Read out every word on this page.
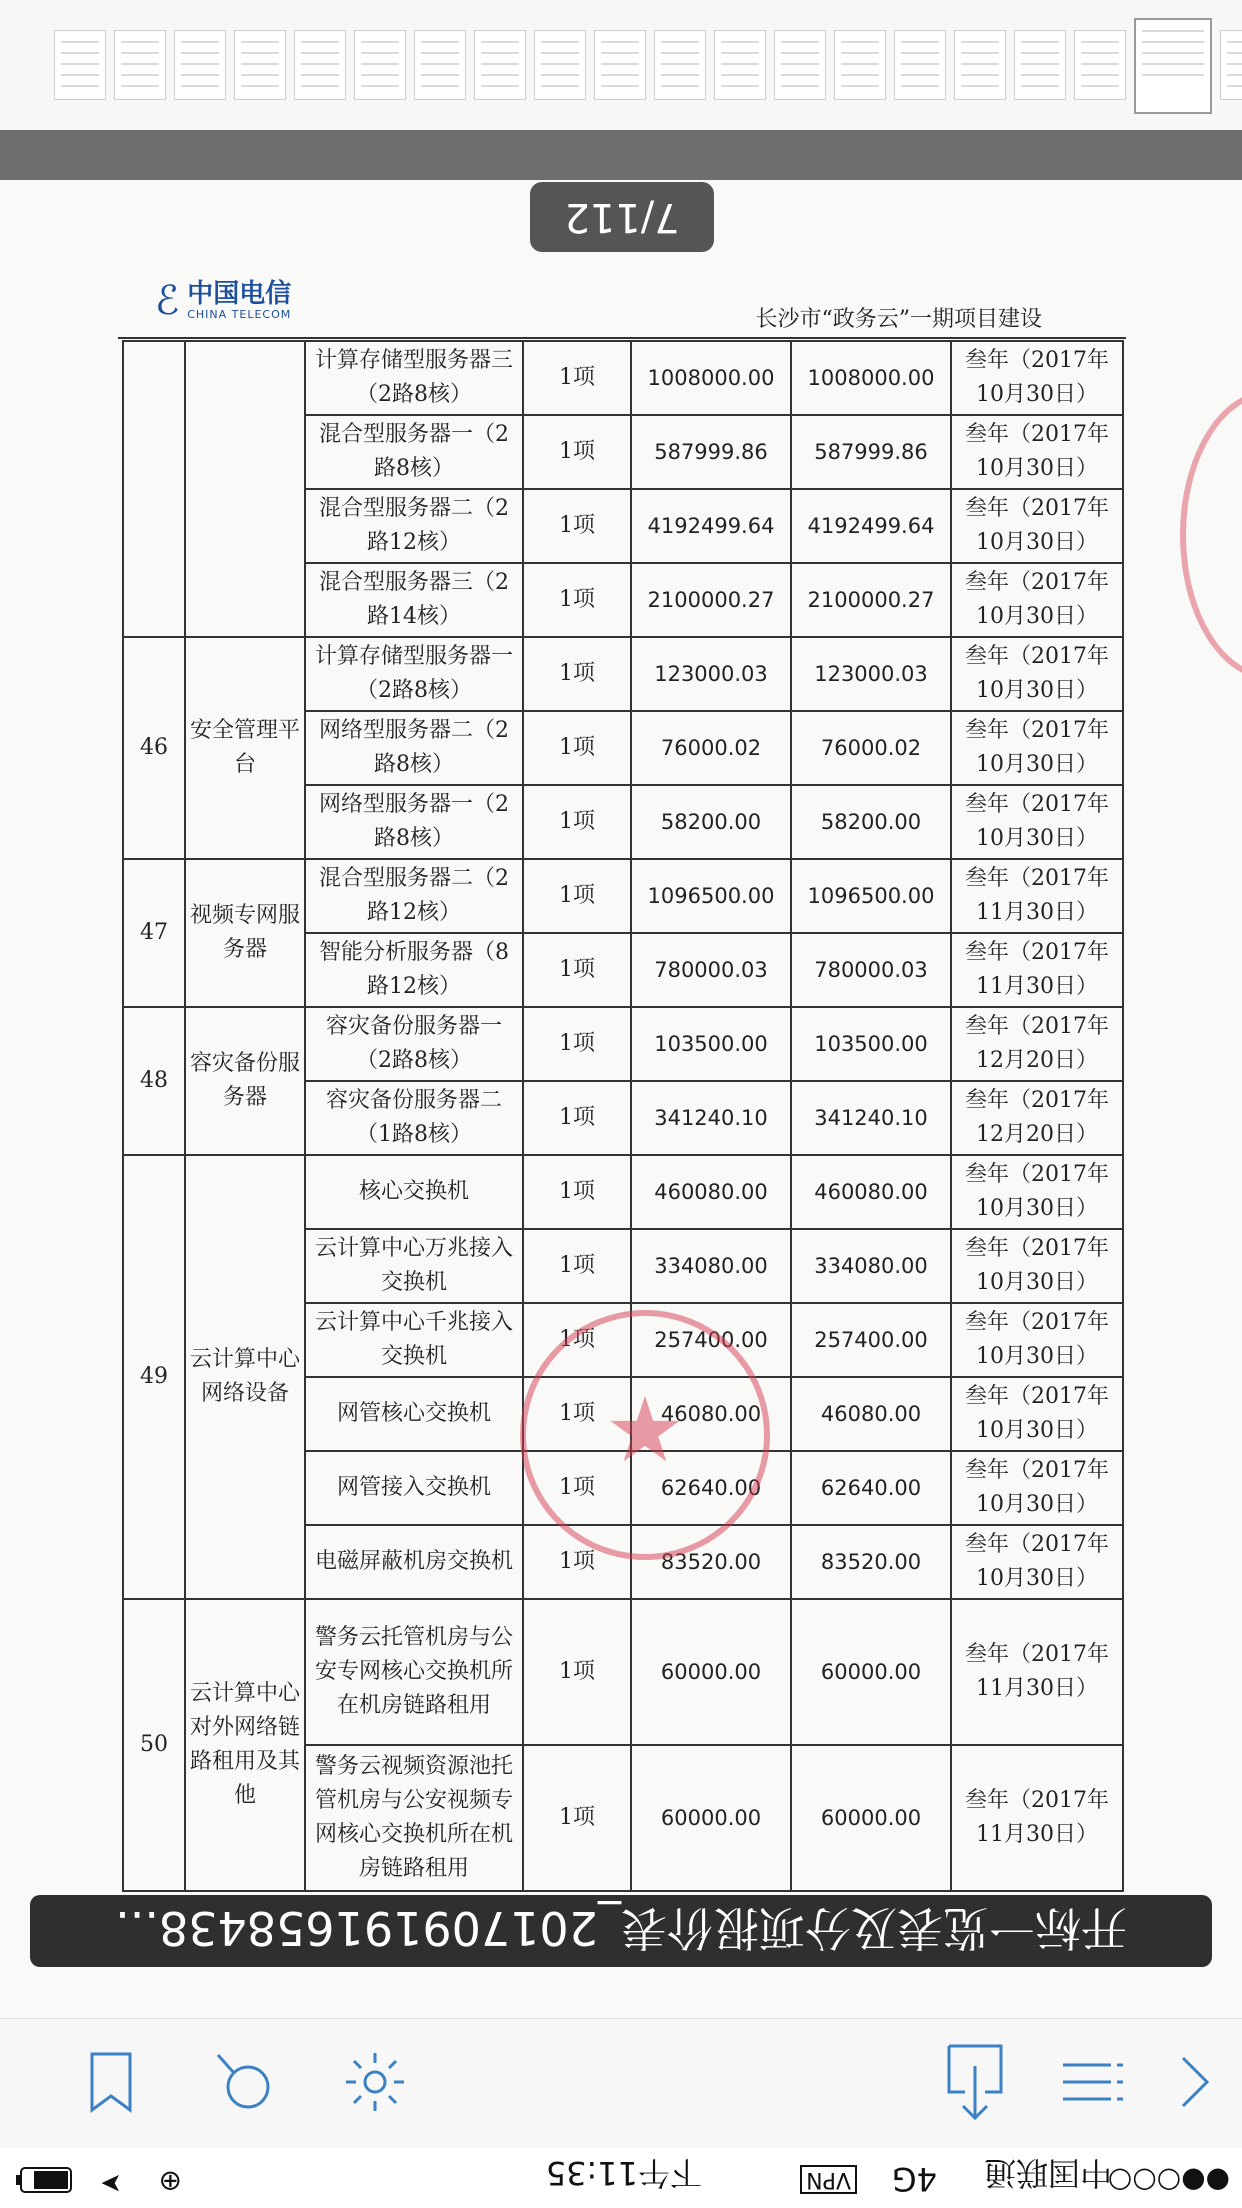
ℰ 中国电信
CHINA TELECOM	长沙市“政务云”一期项目建设
		计算存储型服务器三（2路8核）	1项	1008000.00	1008000.00	叁年（2017年10月30日）
		混合型服务器一（2路8核）	1项	587999.86	587999.86	叁年（2017年10月30日）
		混合型服务器二（2路12核）	1项	4192499.64	4192499.64	叁年（2017年10月30日）
		混合型服务器三（2路14核）	1项	2100000.27	2100000.27	叁年（2017年10月30日）
46	安全管理平台	计算存储型服务器一（2路8核）	1项	123000.03	123000.03	叁年（2017年10月30日）
		网络型服务器二（2路8核）	1项	76000.02	76000.02	叁年（2017年10月30日）
		网络型服务器一（2路8核）	1项	58200.00	58200.00	叁年（2017年10月30日）
47	视频专网服务器	混合型服务器二（2路12核）	1项	1096500.00	1096500.00	叁年（2017年11月30日）
		智能分析服务器（8路12核）	1项	780000.03	780000.03	叁年（2017年11月30日）
48	容灾备份服务器	容灾备份服务器一（2路8核）	1项	103500.00	103500.00	叁年（2017年12月20日）
		容灾备份服务器二（1路8核）	1项	341240.10	341240.10	叁年（2017年12月20日）
49	云计算中心网络设备	核心交换机	1项	460080.00	460080.00	叁年（2017年10月30日）
		云计算中心万兆接入交换机	1项	334080.00	334080.00	叁年（2017年10月30日）
		云计算中心千兆接入交换机	1项	257400.00	257400.00	叁年（2017年10月30日）
		网管核心交换机	1项	46080.00	46080.00	叁年（2017年10月30日）
		网管接入交换机	1项	62640.00	62640.00	叁年（2017年10月30日）
		电磁屏蔽机房交换机	1项	83520.00	83520.00	叁年（2017年10月30日）
50	云计算中心对外网络链路租用及其他	警务云托管机房与公安专网核心交换机所在机房链路租用	1项	60000.00	60000.00	叁年（2017年11月30日）
		警务云视频资源池托管机房与公安视频专网核心交换机所在机房链路租用	1项	60000.00	60000.00	叁年（2017年11月30日）
★
7/112
开标一览表及分项报价表_20170919165843​8...
●●○○○
中国联通
4G
VPN
下午11:35
⊕
➤
